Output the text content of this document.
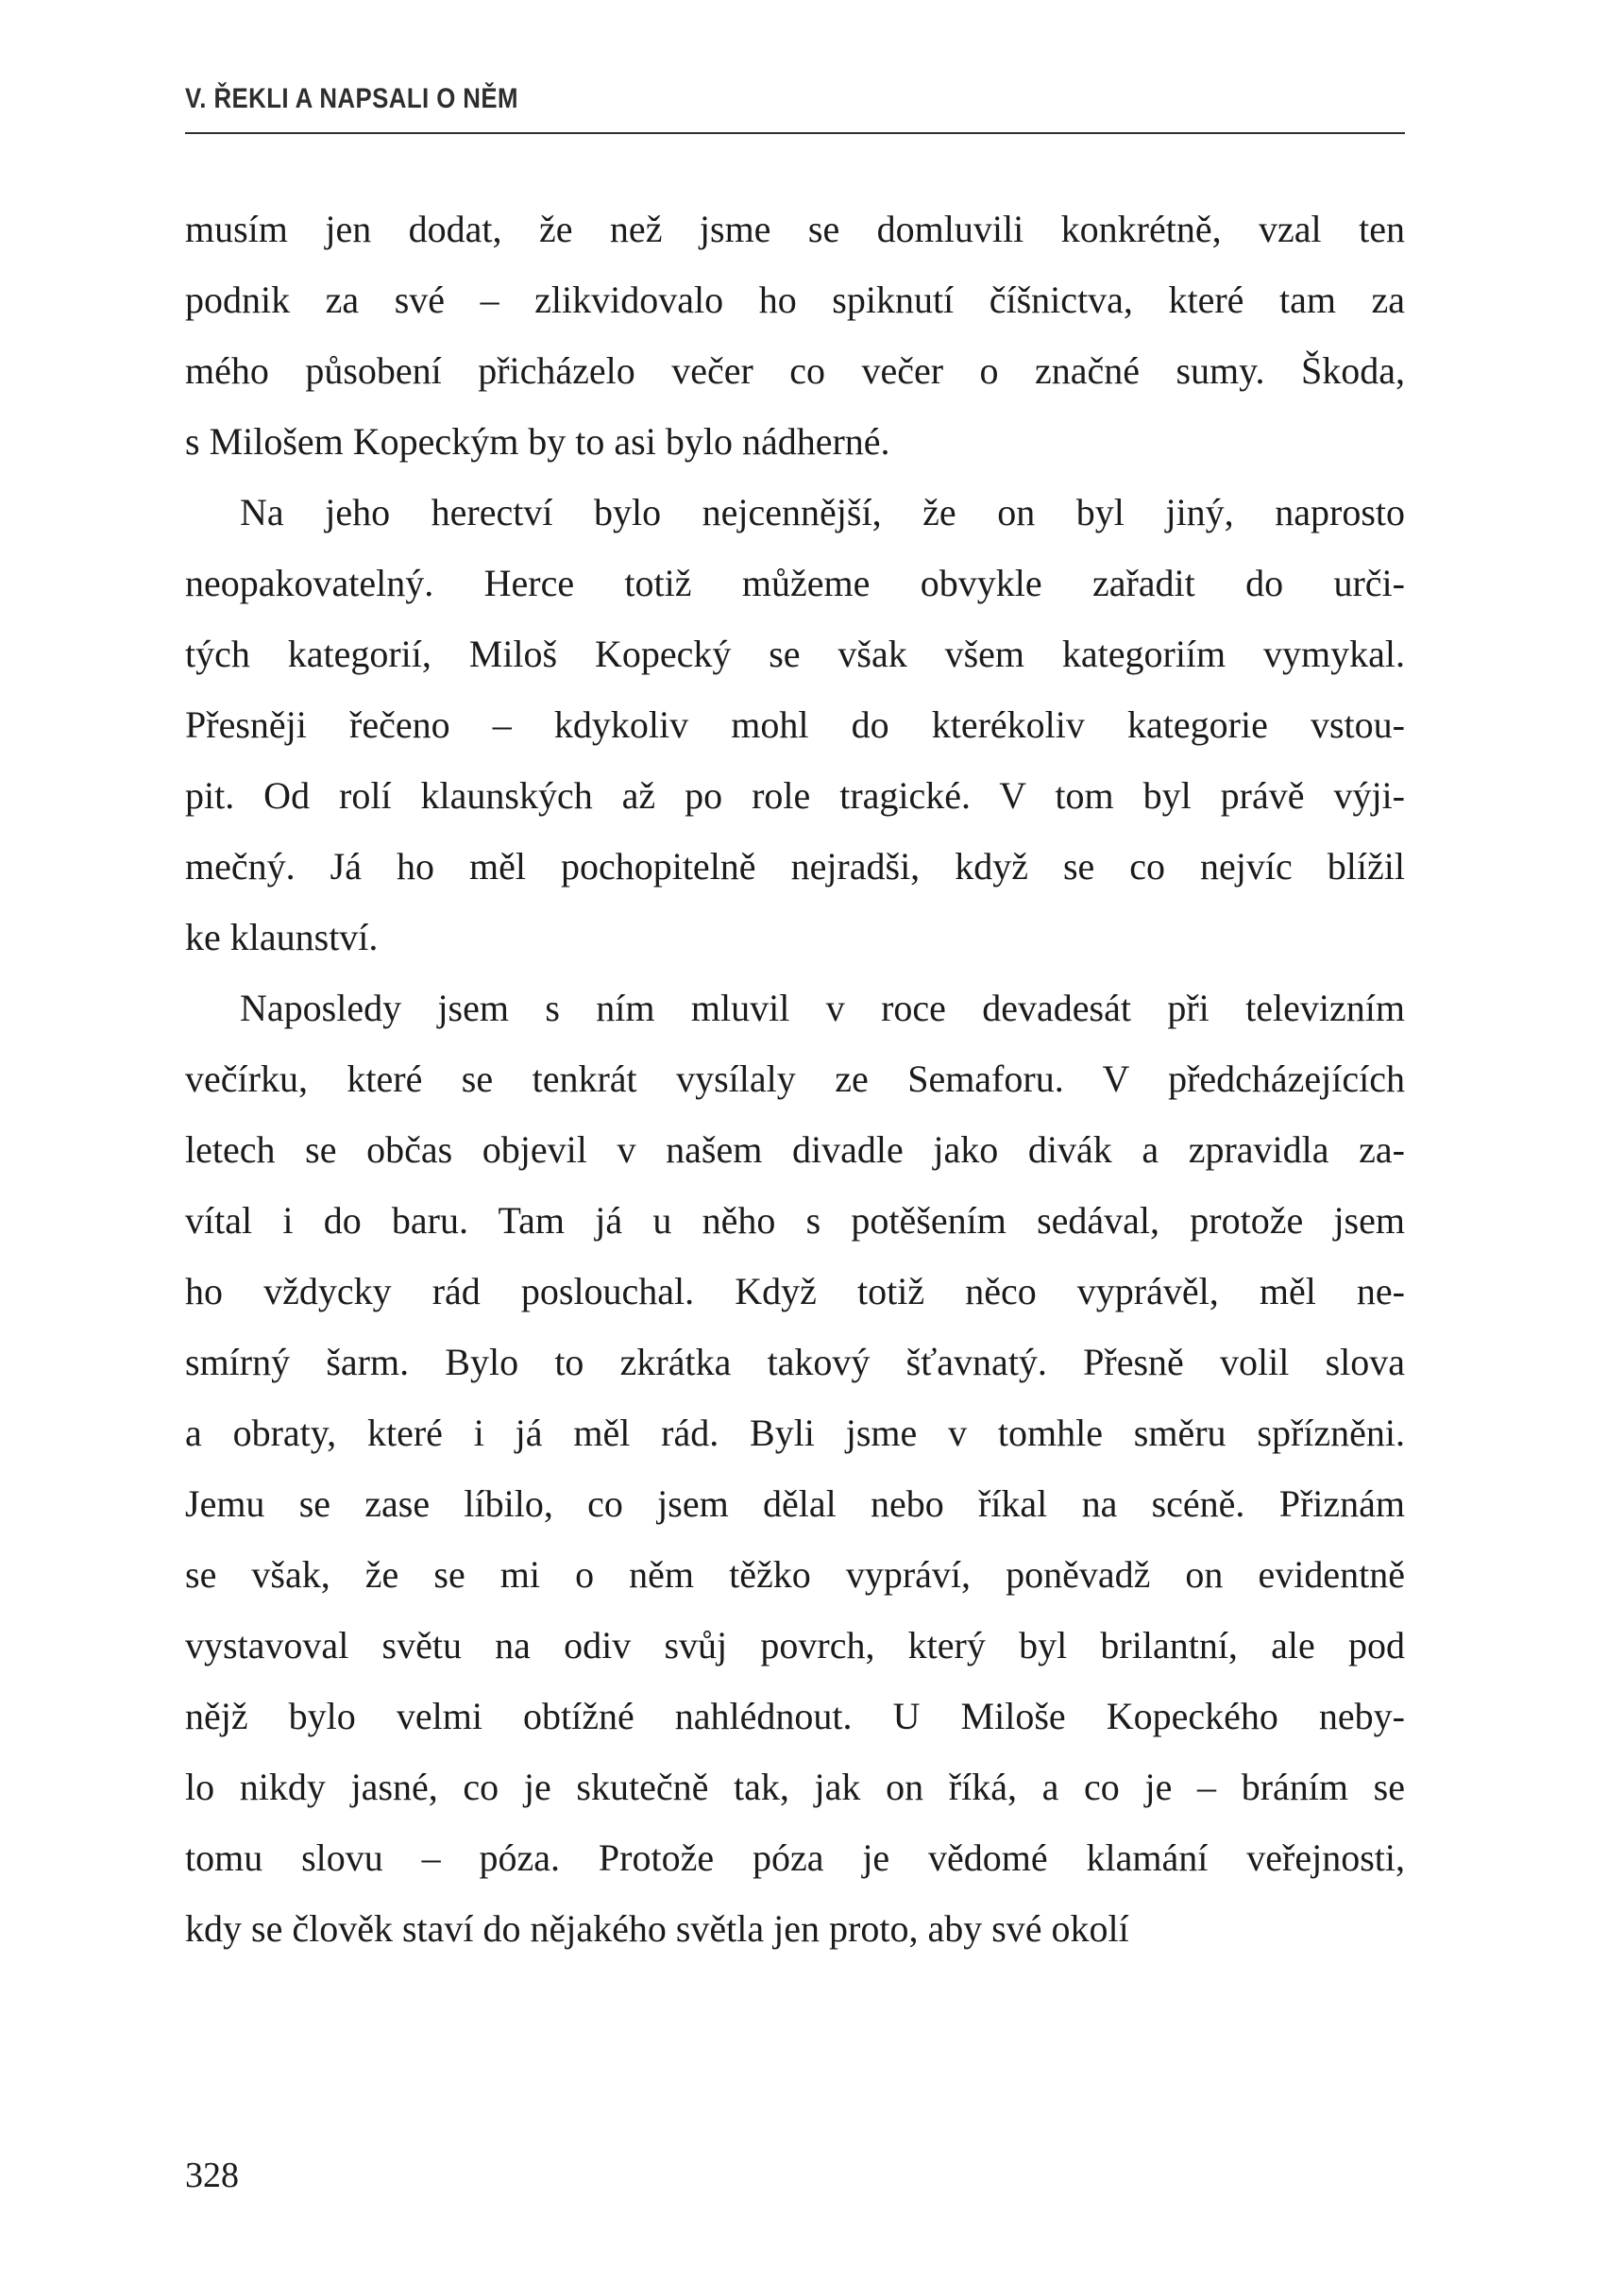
V. ŘEKLI A NAPSALI O NĚM

musím jen dodat, že než jsme se domluvili konkrétně, vzal ten
podnik za své – zlikvidovalo ho spiknutí číšnictva, které tam za
mého působení přicházelo večer co večer o značné sumy. Škoda,
s Milošem Kopeckým by to asi bylo nádherné.

Na jeho herectví bylo nejcennější, že on byl jiný, naprosto
neopakovatelný. Herce totiž můžeme obvykle zařadit do urči-
tých kategorií, Miloš Kopecký se však všem kategoriím vymykal.
Přesněji řečeno – kdykoliv mohl do kterékoliv kategorie vstou-
pit. Od rolí klaunských až po role tragické. V tom byl právě výji-
mečný. Já ho měl pochopitelně nejradši, když se co nejvíc blížil
ke klaunství.

Naposledy jsem s ním mluvil v roce devadesát při televizním
večírku, které se tenkrát vysílaly ze Semaforu. V předcházejících
letech se občas objevil v našem divadle jako divák a zpravidla za-
vítal i do baru. Tam já u něho s potěšením sedával, protože jsem
ho vždycky rád poslouchal. Když totiž něco vyprávěl, měl ne-
smírný šarm. Bylo to zkrátka takový šťavnatý. Přesně volil slova
a obraty, které i já měl rád. Byli jsme v tomhle směru spřízněni.
Jemu se zase líbilo, co jsem dělal nebo říkal na scéně. Přiznám
se však, že se mi o něm těžko vypráví, poněvadž on evidentně
vystavoval světu na odiv svůj povrch, který byl brilantní, ale pod
nějž bylo velmi obtížné nahlédnout. U Miloše Kopeckého neby-
lo nikdy jasné, co je skutečně tak, jak on říká, a co je – bráním se
tomu slovu – póza. Protože póza je vědomé klamání veřejnosti,
kdy se člověk staví do nějakého světla jen proto, aby své okolí

328
